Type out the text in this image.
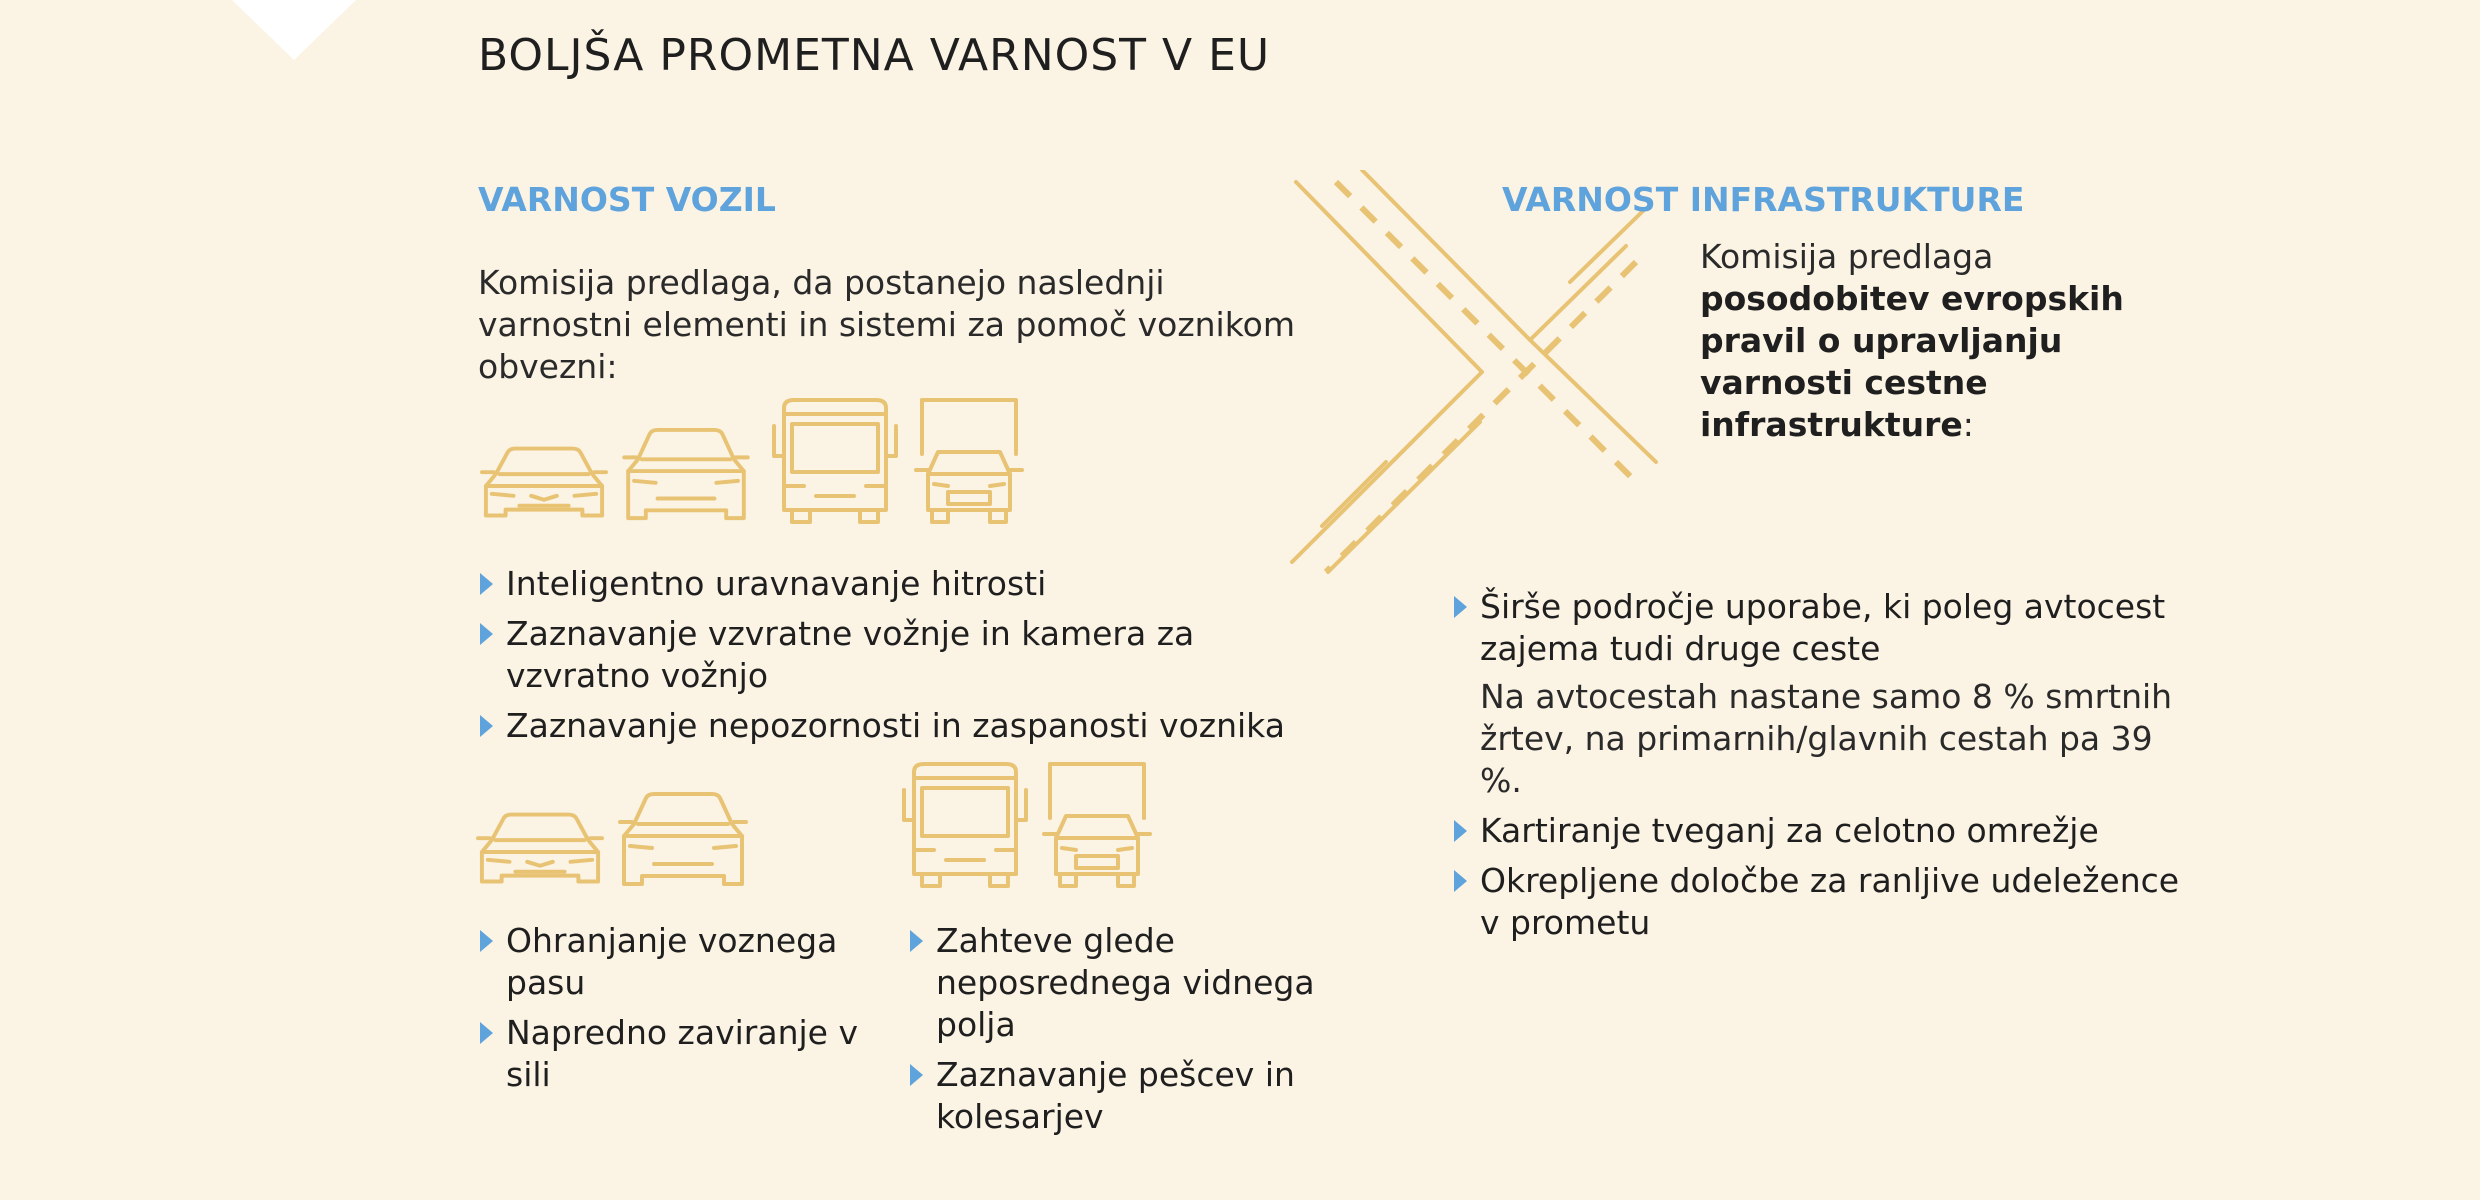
BOLJŠA PROMETNA VARNOST V EU
VARNOST VOZIL

Komisija predlaga, da postanejo naslednji varnostni elementi in sistemi za pomoč voznikom obvezni:

Inteligentno uravnavanje hitrosti
Zaznavanje vzvratne vožnje in kamera za vzvratno vožnjo
Zaznavanje nepozornosti in zaspanosti voznika
Ohranjanje voznega pasu
Napredno zaviranje v sili
Zahteve glede neposrednega vidnega polja
Zaznavanje pešcev in kolesarjev
VARNOST INFRASTRUKTURE

Komisija predlaga
posodobitev evropskih pravil o upravljanju varnosti cestne infrastrukture:

Širše področje uporabe, ki poleg avtocest zajema tudi druge ceste

Na avtocestah nastane samo 8 % smrtnih žrtev, na primarnih/glavnih cestah pa 39 %.

Kartiranje tveganj za celotno omrežje
Okrepljene določbe za ranljive udeležence v prometu
